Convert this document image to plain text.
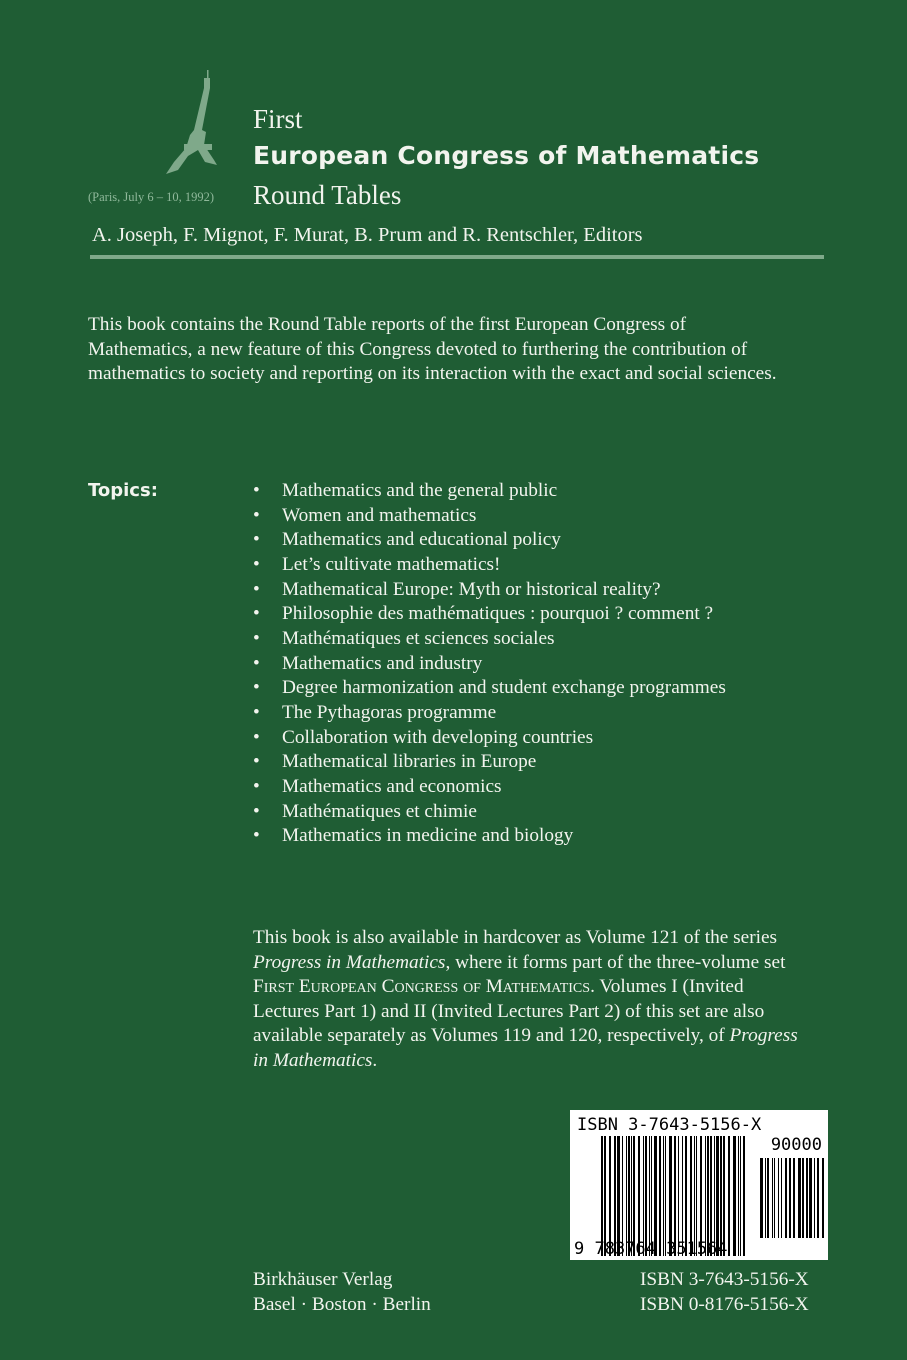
(Paris, July 6 – 10, 1992)
First
European Congress of Mathematics
Round Tables
A. Joseph, F. Mignot, F. Murat, B. Prum and R. Rentschler, Editors
This book contains the Round Table reports of the first European Congress of Mathematics, a new feature of this Congress devoted to furthering the contribution of mathematics to society and reporting on its interaction with the exact and social sciences.
Topics:	• Mathematics and the general public
• Women and mathematics
• Mathematics and educational policy
• Let’s cultivate mathematics!
• Mathematical Europe: Myth or historical reality?
• Philosophie des mathématiques : pourquoi ? comment ?
• Mathématiques et sciences sociales
• Mathematics and industry
• Degree harmonization and student exchange programmes
• The Pythagoras programme
• Collaboration with developing countries
• Mathematical libraries in Europe
• Mathematics and economics
• Mathématiques et chimie
• Mathematics in medicine and biology
This book is also available in hardcover as Volume 121 of the series Progress in Mathematics, where it forms part of the three-volume set First European Congress of Mathematics. Volumes I (Invited Lectures Part 1) and II (Invited Lectures Part 2) of this set are also available separately as Volumes 119 and 120, respectively, of Progress in Mathematics.
ISBN 3-7643-5156-X
90000
9 783764 351564
Birkhäuser Verlag
Basel · Boston · Berlin
ISBN 3-7643-5156-X
ISBN 0-8176-5156-X
